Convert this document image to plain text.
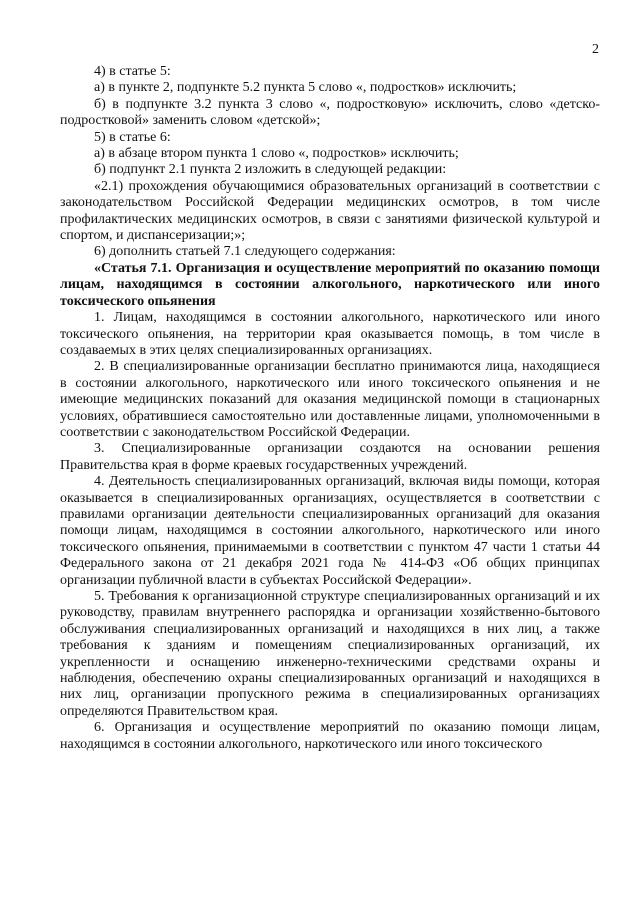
2

4) в статье 5:

а) в пункте 2, подпункте 5.2 пункта 5 слово «, подростков» исключить;

б) в подпункте 3.2 пункта 3 слово «, подростковую» исключить, слово «детско-подростковой» заменить словом «детской»;

5) в статье 6:

а) в абзаце втором пункта 1 слово «, подростков» исключить;

б) подпункт 2.1 пункта 2 изложить в следующей редакции:

«2.1) прохождения обучающимися образовательных организаций в соответствии с законодательством Российской Федерации медицинских осмотров, в том числе профилактических медицинских осмотров, в связи с занятиями физической культурой и спортом, и диспансеризации;»;

6) дополнить статьей 7.1 следующего содержания:

«Статья 7.1. Организация и осуществление мероприятий по оказанию помощи лицам, находящимся в состоянии алкогольного, наркотического или иного токсического опьянения

1. Лицам, находящимся в состоянии алкогольного, наркотического или иного токсического опьянения, на территории края оказывается помощь, в том числе в создаваемых в этих целях специализированных организациях.

2. В специализированные организации бесплатно принимаются лица, находящиеся в состоянии алкогольного, наркотического или иного токсического опьянения и не имеющие медицинских показаний для оказания медицинской помощи в стационарных условиях, обратившиеся самостоятельно или доставленные лицами, уполномоченными в соответствии с законодательством Российской Федерации.

3. Специализированные организации создаются на основании решения Правительства края в форме краевых государственных учреждений.

4. Деятельность специализированных организаций, включая виды помощи, которая оказывается в специализированных организациях, осуществляется в соответствии с правилами организации деятельности специализированных организаций для оказания помощи лицам, находящимся в состоянии алкогольного, наркотического или иного токсического опьянения, принимаемыми в соответствии с пунктом 47 части 1 статьи 44 Федерального закона от 21 декабря 2021 года № 414-ФЗ «Об общих принципах организации публичной власти в субъектах Российской Федерации».

5. Требования к организационной структуре специализированных организаций и их руководству, правилам внутреннего распорядка и организации хозяйственно-бытового обслуживания специализированных организаций и находящихся в них лиц, а также требования к зданиям и помещениям специализированных организаций, их укрепленности и оснащению инженерно-техническими средствами охраны и наблюдения, обеспечению охраны специализированных организаций и находящихся в них лиц, организации пропускного режима в специализированных организациях определяются Правительством края.

6. Организация и осуществление мероприятий по оказанию помощи лицам, находящимся в состоянии алкогольного, наркотического или иного токсического
